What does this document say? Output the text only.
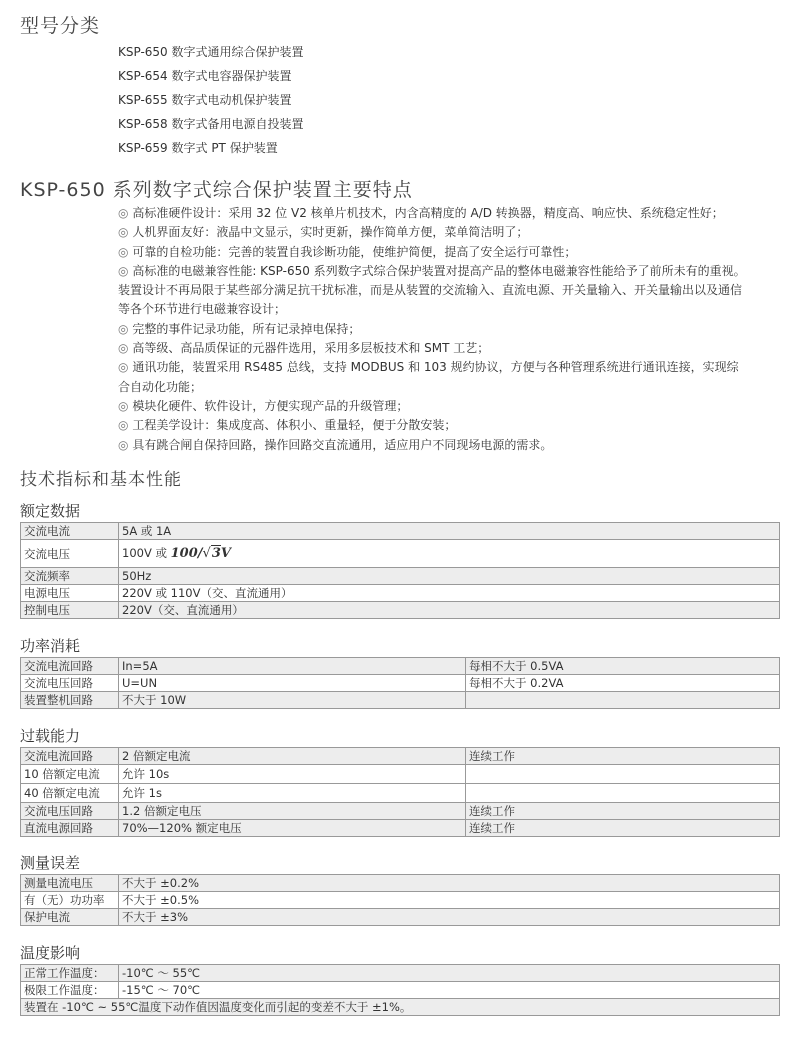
型号分类
KSP-650 数字式通用综合保护装置
KSP-654 数字式电容器保护装置
KSP-655 数字式电动机保护装置
KSP-658 数字式备用电源自投装置
KSP-659 数字式 PT 保护装置
KSP-650 系列数字式综合保护装置主要特点

◎ 高标准硬件设计：采用 32 位 V2 核单片机技术，内含高精度的 A/D 转换器，精度高、响应快、系统稳定性好；

◎ 人机界面友好：液晶中文显示，实时更新，操作简单方便，菜单简洁明了；

◎ 可靠的自检功能：完善的装置自我诊断功能，使维护简便，提高了安全运行可靠性；

◎ 高标准的电磁兼容性能: KSP-650 系列数字式综合保护装置对提高产品的整体电磁兼容性能给予了前所未有的重视。

装置设计不再局限于某些部分满足抗干扰标准，而是从装置的交流输入、直流电源、开关量输入、开关量输出以及通信

等各个环节进行电磁兼容设计；

◎ 完整的事件记录功能，所有记录掉电保持；

◎ 高等级、高品质保证的元器件选用，采用多层板技术和 SMT 工艺；

◎ 通讯功能，装置采用 RS485 总线，支持 MODBUS 和 103 规约协议，方便与各种管理系统进行通讯连接，实现综

合自动化功能；

◎ 模块化硬件、软件设计，方便实现产品的升级管理；

◎ 工程美学设计：集成度高、体积小、重量轻，便于分散安装；

◎ 具有跳合闸自保持回路，操作回路交直流通用，适应用户不同现场电源的需求。

技术指标和基本性能
额定数据
交流电流	5A 或 1A
交流电压	100V 或 100/√3V
交流频率	50Hz
电源电压	220V 或 110V（交、直流通用）
控制电压	220V（交、直流通用）
功率消耗
交流电流回路	In=5A	每相不大于 0.5VA
交流电压回路	U=UN	每相不大于 0.2VA
装置整机回路	不大于 10W	
过载能力
交流电流回路	2 倍额定电流	连续工作
10 倍额定电流	允许 10s	
40 倍额定电流	允许 1s	
交流电压回路	1.2 倍额定电压	连续工作
直流电源回路	70%—120% 额定电压	连续工作
测量误差
测量电流电压	不大于 ±0.2%
有（无）功功率	不大于 ±0.5%
保护电流	不大于 ±3%
温度影响
正常工作温度：	-10℃ ～ 55℃
极限工作温度：	-15℃ ～ 70℃
装置在 -10℃ ~ 55℃温度下动作值因温度变化而引起的变差不大于 ±1%。	
